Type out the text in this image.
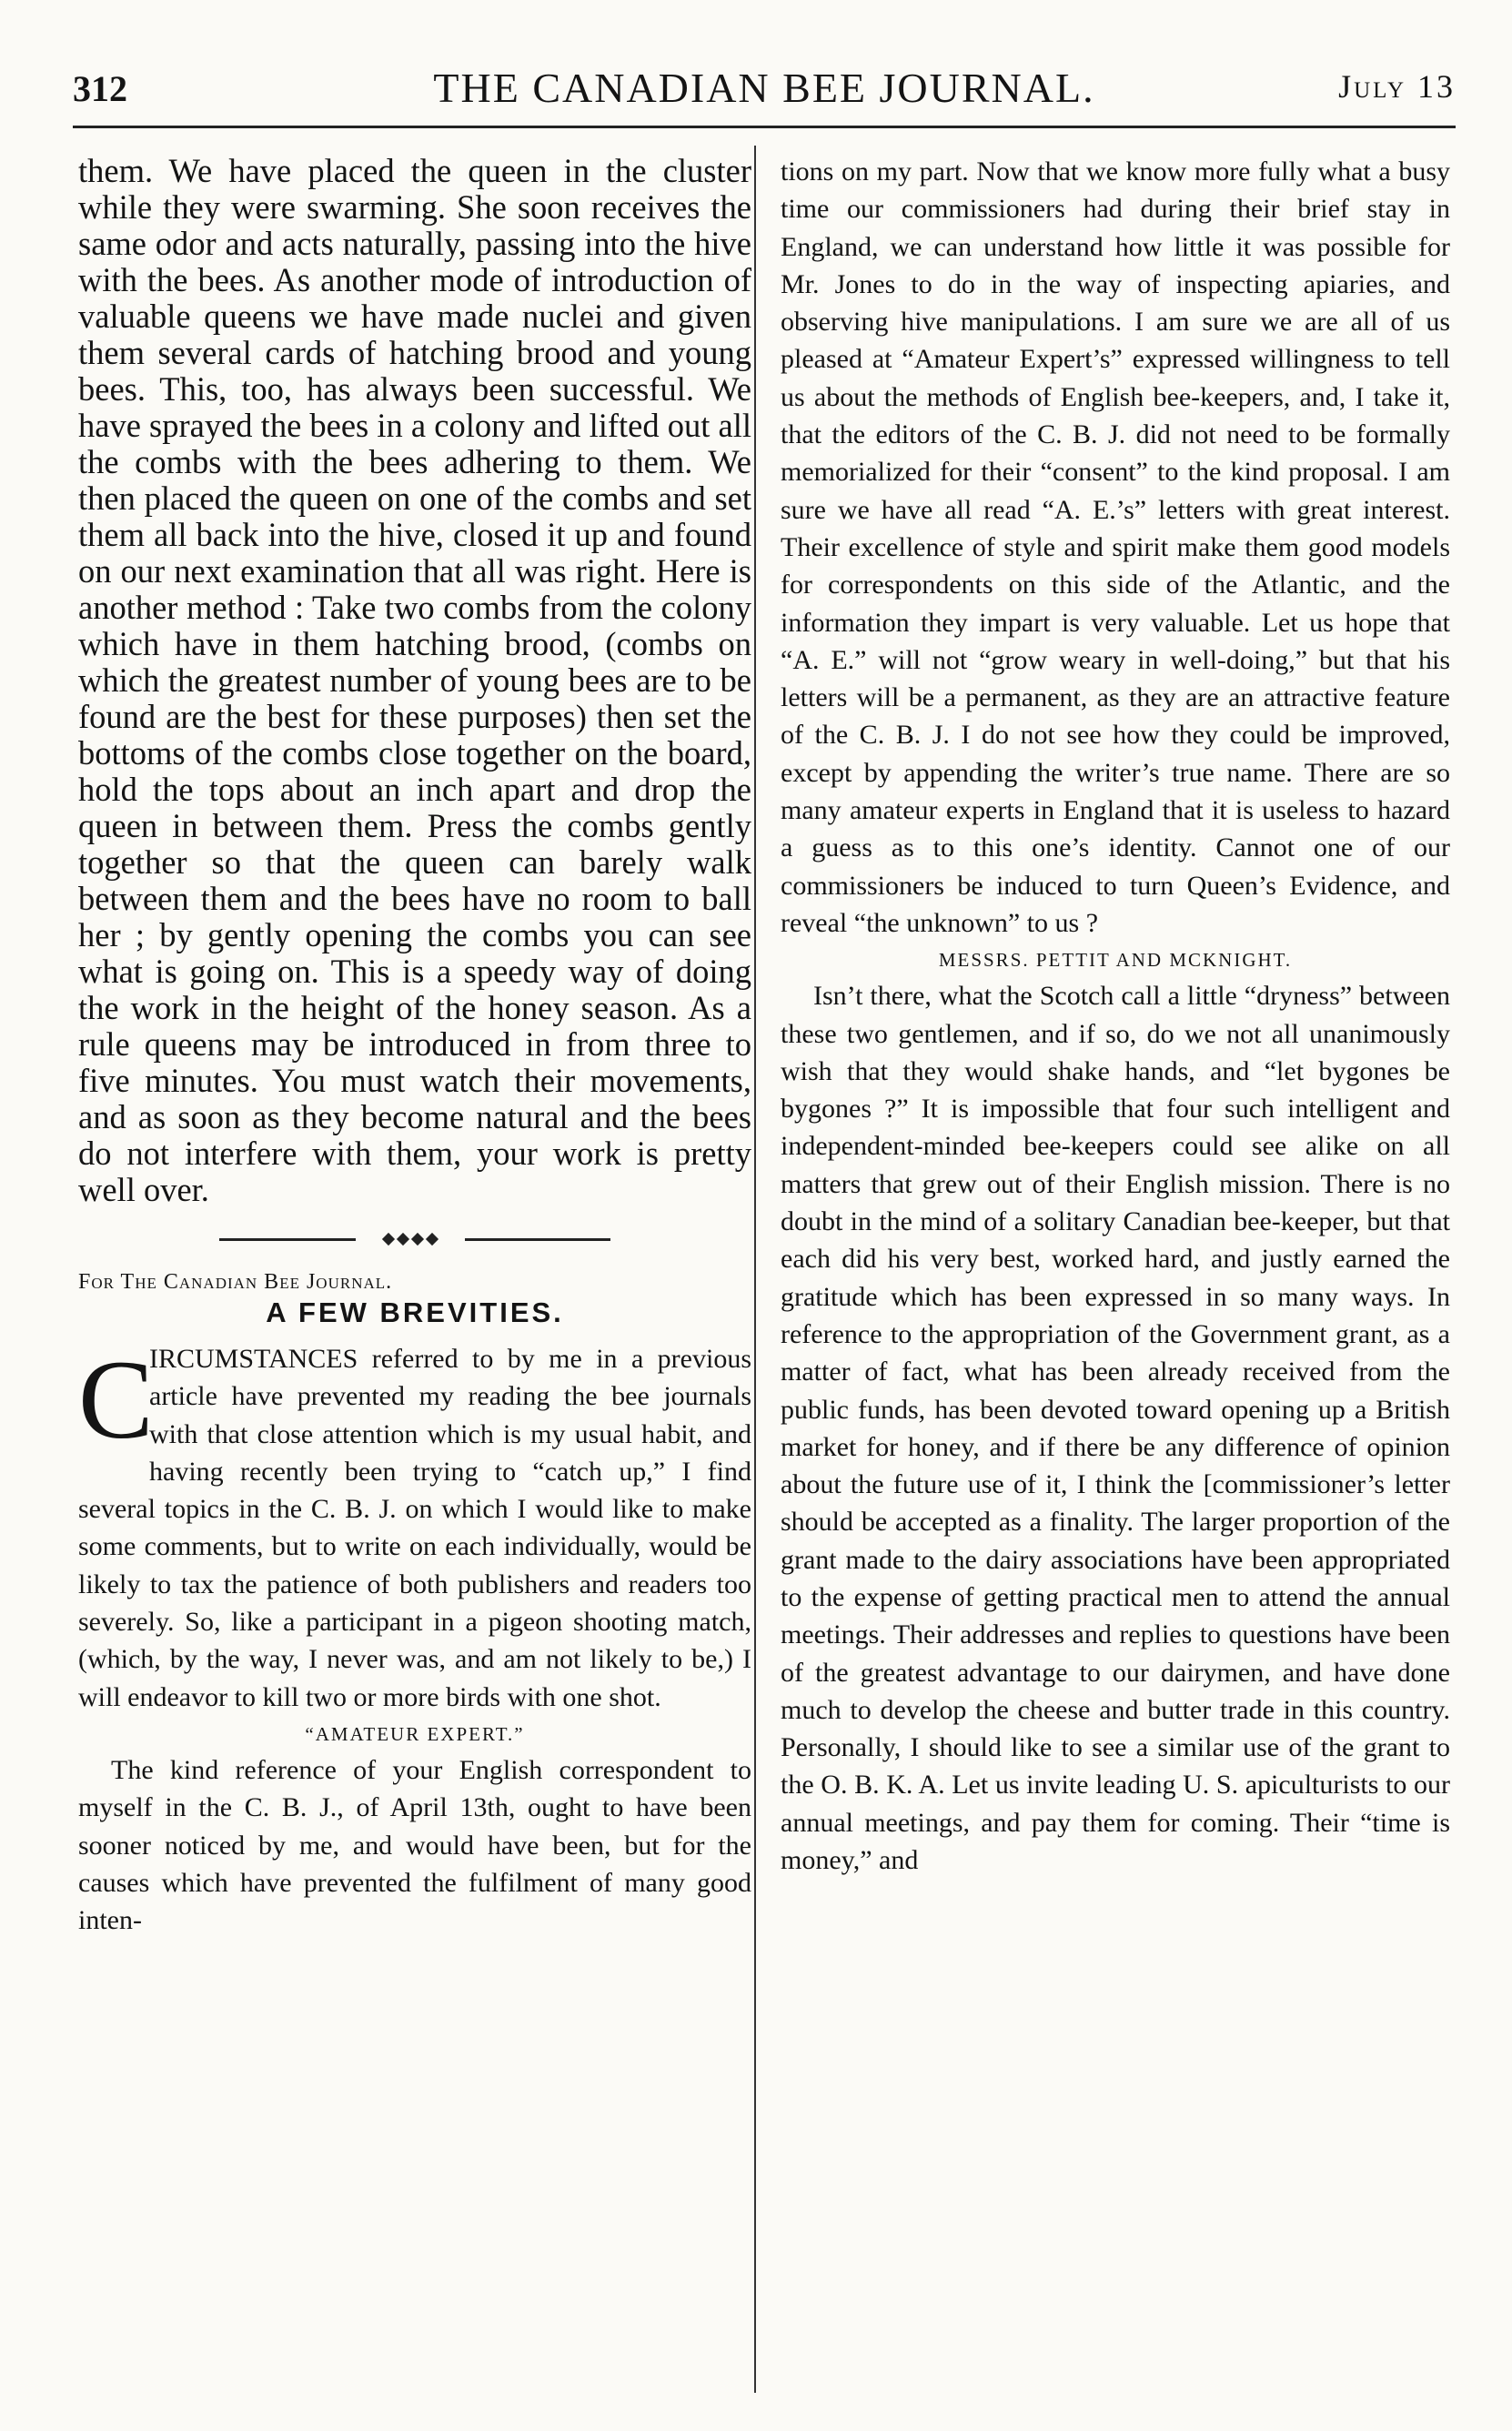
312	THE CANADIAN BEE JOURNAL.	July 13

them. We have placed the queen in the cluster while they were swarming. She soon receives the same odor and acts naturally, passing into the hive with the bees. As another mode of introduction of valuable queens we have made nuclei and given them several cards of hatching brood and young bees. This, too, has always been successful. We have sprayed the bees in a colony and lifted out all the combs with the bees adhering to them. We then placed the queen on one of the combs and set them all back into the hive, closed it up and found on our next examination that all was right. Here is another method : Take two combs from the colony which have in them hatching brood, (combs on which the greatest number of young bees are to be found are the best for these purposes) then set the bottoms of the combs close together on the board, hold the tops about an inch apart and drop the queen in between them. Press the combs gently together so that the queen can barely walk between them and the bees have no room to ball her ; by gently opening the combs you can see what is going on. This is a speedy way of doing the work in the height of the honey season. As a rule queens may be introduced in from three to five minutes. You must watch their movements, and as soon as they become natural and the bees do not interfere with them, your work is pretty well over.

For The Canadian Bee Journal.

A FEW BREVITIES.
C

IRCUMSTANCES referred to by me in a previous article have prevented my reading the bee journals with that close attention which is my usual habit, and having recently been trying to “catch up,” I find several topics in the C. B. J. on which I would like to make some comments, but to write on each individually, would be likely to tax the patience of both publishers and readers too severely. So, like a participant in a pigeon shooting match, (which, by the way, I never was, and am not likely to be,) I will endeavor to kill two or more birds with one shot.

“AMATEUR EXPERT.”

The kind reference of your English correspondent to myself in the C. B. J., of April 13th, ought to have been sooner noticed by me, and would have been, but for the causes which have prevented the fulfilment of many good inten-

tions on my part. Now that we know more fully what a busy time our commissioners had during their brief stay in England, we can understand how little it was possible for Mr. Jones to do in the way of inspecting apiaries, and observing hive manipulations. I am sure we are all of us pleased at “Amateur Expert’s” expressed willingness to tell us about the methods of English bee-keepers, and, I take it, that the editors of the C. B. J. did not need to be formally memorialized for their “consent” to the kind proposal. I am sure we have all read “A. E.’s” letters with great interest. Their excellence of style and spirit make them good models for correspondents on this side of the Atlantic, and the information they impart is very valuable. Let us hope that “A. E.” will not “grow weary in well-doing,” but that his letters will be a permanent, as they are an attractive feature of the C. B. J. I do not see how they could be improved, except by appending the writer’s true name. There are so many amateur experts in England that it is useless to hazard a guess as to this one’s identity. Cannot one of our commissioners be induced to turn Queen’s Evidence, and reveal “the unknown” to us ?

MESSRS. PETTIT AND MCKNIGHT.

Isn’t there, what the Scotch call a little “dryness” between these two gentlemen, and if so, do we not all unanimously wish that they would shake hands, and “let bygones be bygones ?” It is impossible that four such intelligent and independent-minded bee-keepers could see alike on all matters that grew out of their English mission. There is no doubt in the mind of a solitary Canadian bee-keeper, but that each did his very best, worked hard, and justly earned the gratitude which has been expressed in so many ways. In reference to the appropriation of the Government grant, as a matter of fact, what has been already received from the public funds, has been devoted toward opening up a British market for honey, and if there be any difference of opinion about the future use of it, I think the [commissioner’s letter should be accepted as a finality. The larger proportion of the grant made to the dairy associations have been appropriated to the expense of getting practical men to attend the annual meetings. Their addresses and replies to questions have been of the greatest advantage to our dairymen, and have done much to develop the cheese and butter trade in this country. Personally, I should like to see a similar use of the grant to the O. B. K. A. Let us invite leading U. S. apiculturists to our annual meetings, and pay them for coming. Their “time is money,” and
